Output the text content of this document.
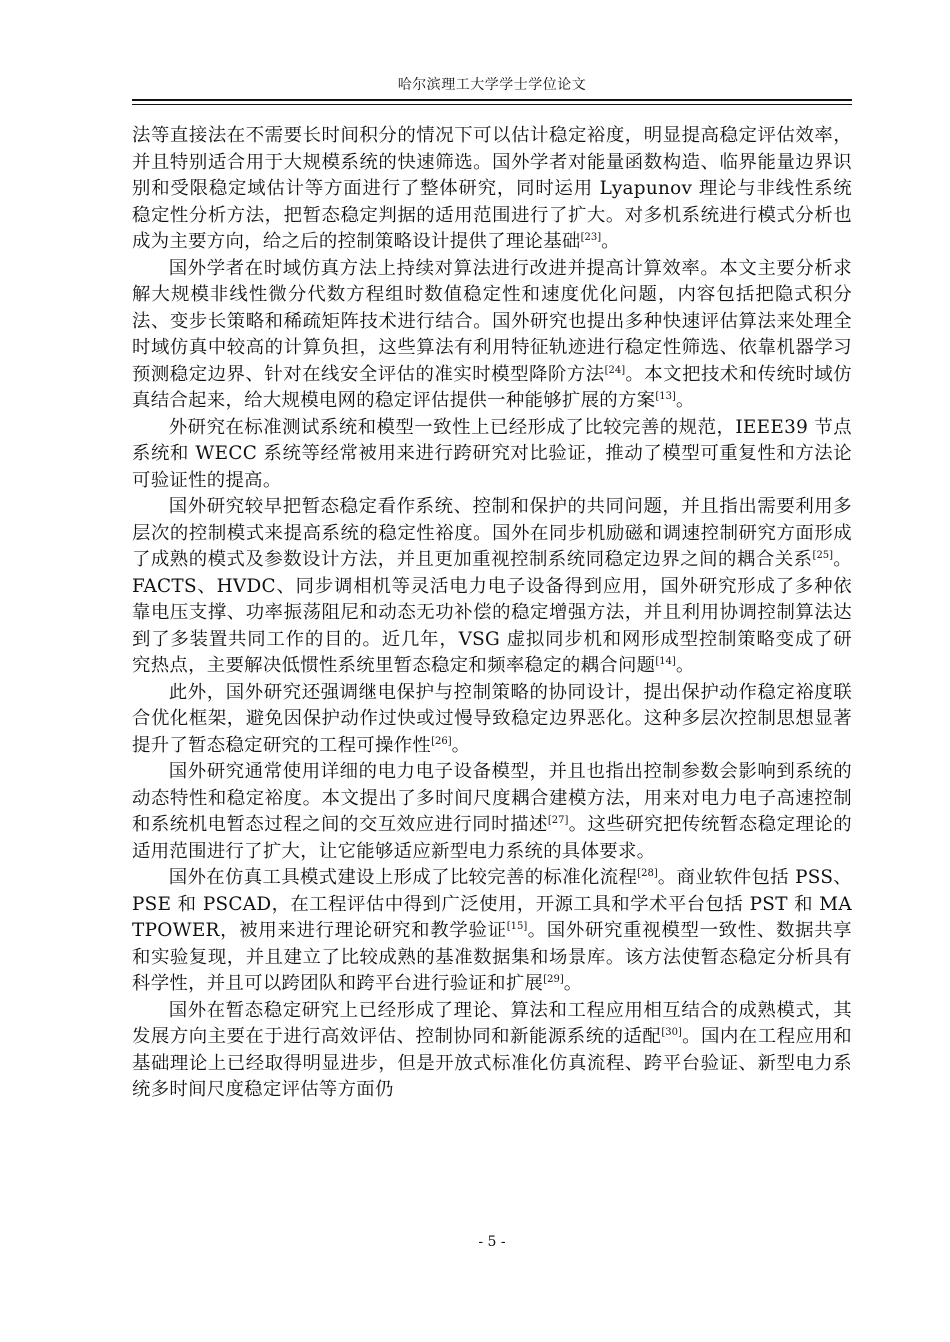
哈尔滨理工大学学士学位论文

法等直接法在不需要长时间积分的情况下可以估计稳定裕度，明显提高稳定评估效率，并且特别适合用于大规模系统的快速筛选。国外学者对能量函数构造、临界能量边界识别和受限稳定域估计等方面进行了整体研究，同时运用 Lyapunov 理论与非线性系统稳定性分析方法，把暂态稳定判据的适用范围进行了扩大。对多机系统进行模式分析也成为主要方向，给之后的控制策略设计提供了理论基础[23]。

国外学者在时域仿真方法上持续对算法进行改进并提高计算效率。本文主要分析求解大规模非线性微分代数方程组时数值稳定性和速度优化问题，内容包括把隐式积分法、变步长策略和稀疏矩阵技术进行结合。国外研究也提出多种快速评估算法来处理全时域仿真中较高的计算负担，这些算法有利用特征轨迹进行稳定性筛选、依靠机器学习预测稳定边界、针对在线安全评估的准实时模型降阶方法[24]。本文把技术和传统时域仿真结合起来，给大规模电网的稳定评估提供一种能够扩展的方案[13]。

外研究在标准测试系统和模型一致性上已经形成了比较完善的规范，IEEE39 节点系统和 WECC 系统等经常被用来进行跨研究对比验证，推动了模型可重复性和方法论可验证性的提高。

国外研究较早把暂态稳定看作系统、控制和保护的共同问题，并且指出需要利用多层次的控制模式来提高系统的稳定性裕度。国外在同步机励磁和调速控制研究方面形成了成熟的模式及参数设计方法，并且更加重视控制系统同稳定边界之间的耦合关系[25]。FACTS、HVDC、同步调相机等灵活电力电子设备得到应用，国外研究形成了多种依靠电压支撑、功率振荡阻尼和动态无功补偿的稳定增强方法，并且利用协调控制算法达到了多装置共同工作的目的。近几年，VSG 虚拟同步机和网形成型控制策略变成了研究热点，主要解决低惯性系统里暂态稳定和频率稳定的耦合问题[14]。

此外，国外研究还强调继电保护与控制策略的协同设计，提出保护动作稳定裕度联合优化框架，避免因保护动作过快或过慢导致稳定边界恶化。这种多层次控制思想显著提升了暂态稳定研究的工程可操作性[26]。

国外研究通常使用详细的电力电子设备模型，并且也指出控制参数会影响到系统的动态特性和稳定裕度。本文提出了多时间尺度耦合建模方法，用来对电力电子高速控制和系统机电暂态过程之间的交互效应进行同时描述[27]。这些研究把传统暂态稳定理论的适用范围进行了扩大，让它能够适应新型电力系统的具体要求。

国外在仿真工具模式建设上形成了比较完善的标准化流程[28]。商业软件包括 PSS、PSE 和 PSCAD，在工程评估中得到广泛使用，开源工具和学术平台包括 PST 和 MATPOWER，被用来进行理论研究和教学验证[15]。国外研究重视模型一致性、数据共享和实验复现，并且建立了比较成熟的基准数据集和场景库。该方法使暂态稳定分析具有科学性，并且可以跨团队和跨平台进行验证和扩展[29]。

国外在暂态稳定研究上已经形成了理论、算法和工程应用相互结合的成熟模式，其发展方向主要在于进行高效评估、控制协同和新能源系统的适配[30]。国内在工程应用和基础理论上已经取得明显进步，但是开放式标准化仿真流程、跨平台验证、新型电力系统多时间尺度稳定评估等方面仍

- 5 -
